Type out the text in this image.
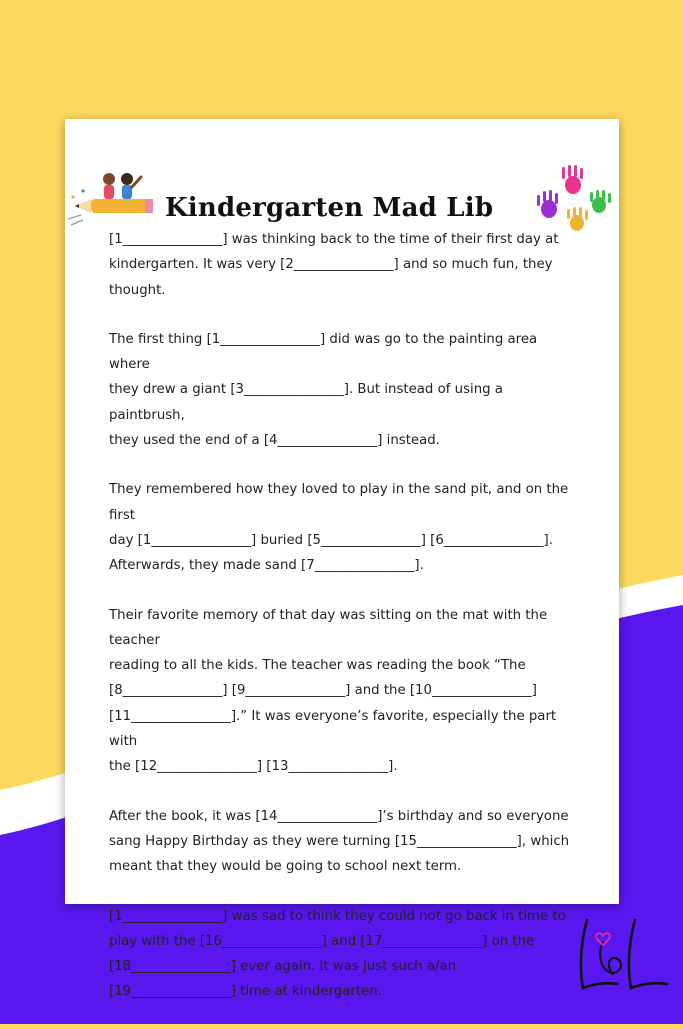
Kindergarten Mad Lib

[1_______________] was thinking back to the time of their first day at
kindergarten. It was very [2_______________] and so much fun, they
thought.

The first thing [1_______________] did was go to the painting area where
they drew a giant [3_______________]. But instead of using a paintbrush,
they used the end of a [4_______________] instead.

They remembered how they loved to play in the sand pit, and on the first
day [1_______________] buried [5_______________] [6_______________].
Afterwards, they made sand [7_______________].

Their favorite memory of that day was sitting on the mat with the teacher
reading to all the kids. The teacher was reading the book “The
[8_______________] [9_______________] and the [10_______________]
[11_______________].” It was everyone’s favorite, especially the part with
the [12_______________] [13_______________].

After the book, it was [14_______________]’s birthday and so everyone
sang Happy Birthday as they were turning [15_______________], which
meant that they would be going to school next term.

[1_______________] was sad to think they could not go back in time to
play with the [16_______________] and [17_______________] on the
[18_______________] ever again. It was just such a/an
[19_______________] time at kindergarten.
